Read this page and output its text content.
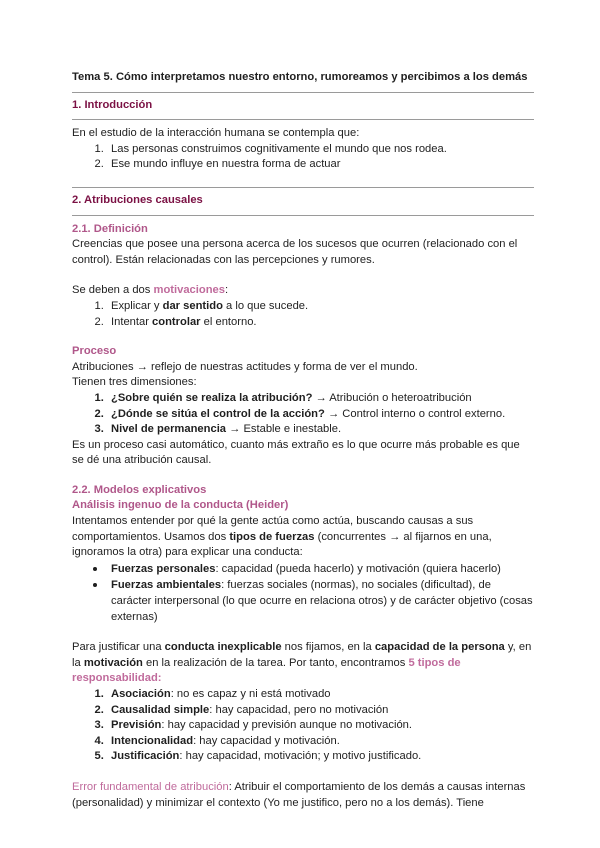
Tema 5. Cómo interpretamos nuestro entorno, rumoreamos y percibimos a los demás

1. Introducción

En el estudio de la interacción humana se contempla que:

1. Las personas construimos cognitivamente el mundo que nos rodea.
2. Ese mundo influye en nuestra forma de actuar

2. Atribuciones causales

2.1. Definición

Creencias que posee una persona acerca de los sucesos que ocurren (relacionado con el control). Están relacionadas con las percepciones y rumores.

Se deben a dos motivaciones:

1. Explicar y dar sentido a lo que sucede.
2. Intentar controlar el entorno.

Proceso

Atribuciones → reflejo de nuestras actitudes y forma de ver el mundo.

Tienen tres dimensiones:

1. ¿Sobre quién se realiza la atribución? → Atribución o heteroatribución
2. ¿Dónde se sitúa el control de la acción? → Control interno o control externo.
3. Nivel de permanencia → Estable e inestable.

Es un proceso casi automático, cuanto más extraño es lo que ocurre más probable es que se dé una atribución causal.

2.2. Modelos explicativos

Análisis ingenuo de la conducta (Heider)

Intentamos entender por qué la gente actúa como actúa, buscando causas a sus comportamientos. Usamos dos tipos de fuerzas (concurrentes → al fijarnos en una, ignoramos la otra) para explicar una conducta:

• Fuerzas personales: capacidad (pueda hacerlo) y motivación (quiera hacerlo)
• Fuerzas ambientales: fuerzas sociales (normas), no sociales (dificultad), de carácter interpersonal (lo que ocurre en relaciona otros) y de carácter objetivo (cosas externas)

Para justificar una conducta inexplicable nos fijamos, en la capacidad de la persona y, en la motivación en la realización de la tarea. Por tanto, encontramos 5 tipos de responsabilidad:

1. Asociación: no es capaz y ni está motivado
2. Causalidad simple: hay capacidad, pero no motivación
3. Previsión: hay capacidad y previsión aunque no motivación.
4. Intencionalidad: hay capacidad y motivación.
5. Justificación: hay capacidad, motivación; y motivo justificado.

Error fundamental de atribución: Atribuir el comportamiento de los demás a causas internas (personalidad) y minimizar el contexto (Yo me justifico, pero no a los demás). Tiene
